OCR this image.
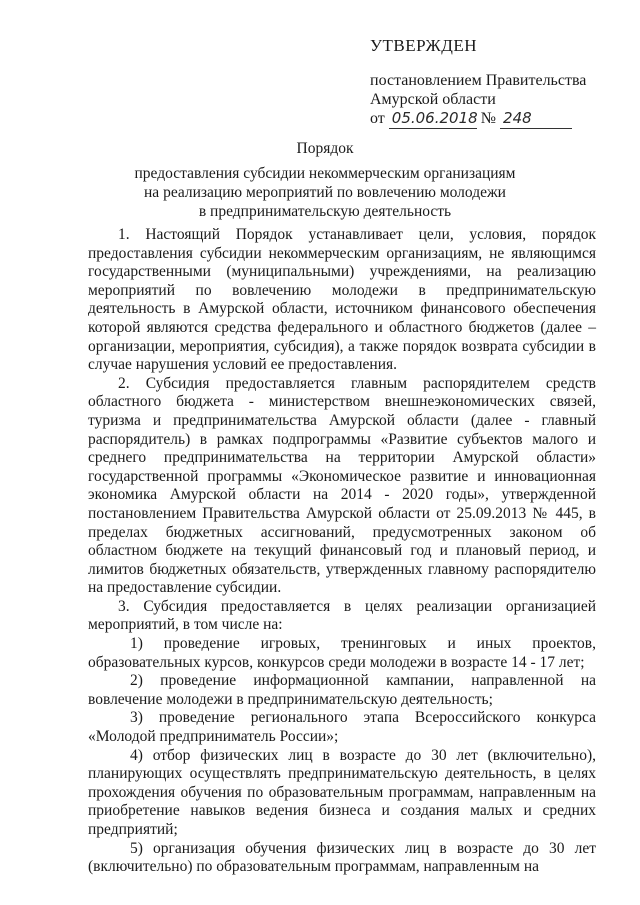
УТВЕРЖДЕН
постановлением Правительства
Амурской области
от 05.06.2018 № 248
Порядок
предоставления субсидии некоммерческим организациям
на реализацию мероприятий по вовлечению молодежи
в предпринимательскую деятельность

1. Настоящий Порядок устанавливает цели, условия, порядок предоставления субсидии некоммерческим организациям, не являющимся государственными (муниципальными) учреждениями, на реализацию мероприятий по вовлечению молодежи в предпринимательскую деятельность в Амурской области, источником финансового обеспечения которой являются средства федерального и областного бюджетов (далее – организации, мероприятия, субсидия), а также порядок возврата субсидии в случае нарушения условий ее предоставления.

2. Субсидия предоставляется главным распорядителем средств областного бюджета - министерством внешнеэкономических связей, туризма и предпринимательства Амурской области (далее - главный распорядитель) в рамках подпрограммы «Развитие субъектов малого и среднего предпринимательства на территории Амурской области» государственной программы «Экономическое развитие и инновационная экономика Амурской области на 2014 - 2020 годы», утвержденной постановлением Правительства Амурской области от 25.09.2013 № 445, в пределах бюджетных ассигнований, предусмотренных законом об областном бюджете на текущий финансовый год и плановый период, и лимитов бюджетных обязательств, утвержденных главному распорядителю на предоставление субсидии.

3. Субсидия предоставляется в целях реализации организацией мероприятий, в том числе на:

1) проведение игровых, тренинговых и иных проектов, образовательных курсов, конкурсов среди молодежи в возрасте 14 - 17 лет;

2) проведение информационной кампании, направленной на вовлечение молодежи в предпринимательскую деятельность;

3) проведение регионального этапа Всероссийского конкурса «Молодой предприниматель России»;

4) отбор физических лиц в возрасте до 30 лет (включительно), планирующих осуществлять предпринимательскую деятельность, в целях прохождения обучения по образовательным программам, направленным на приобретение навыков ведения бизнеса и создания малых и средних предприятий;

5) организация обучения физических лиц в возрасте до 30 лет (включительно) по образовательным программам, направленным на
